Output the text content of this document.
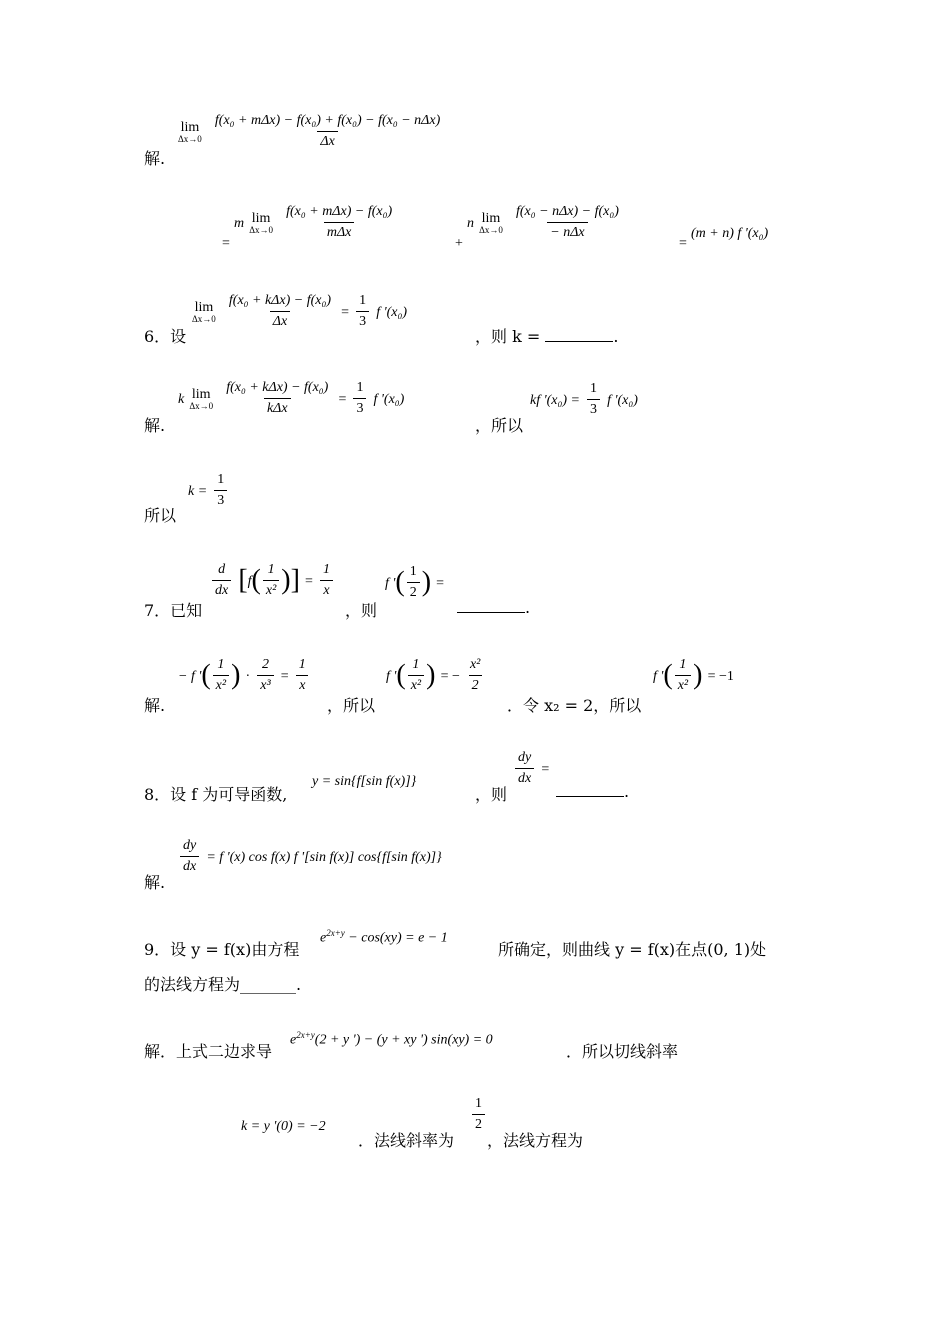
解.
lim
Δx→0
$\frac{\text{f(x₀ + mΔx) − f(x₀) + f(x₀) − f(x₀ − nΔx)}}{\Delta x}$
=
m lim
Δx→0
$\frac{\text{f(x₀ + mΔx) − f(x₀)}}{\text{mΔx}}$
+
n lim
Δx→0
$\frac{\text{f(x₀ − nΔx) − f(x₀)}}{\text{− nΔx}}$
=
(m + n) f '(x₀)
6．设
lim
Δx→0
$\frac{\text{f(x₀ + kΔx) − f(x₀)}}{\Delta x} = \frac{1}{3}$ f '(x₀)
，则 k =	.
解.
k lim
Δx→0
$\frac{\text{f(x₀ + kΔx) − f(x₀)}}{\text{kΔx}} = \frac{1}{3}$ f '(x₀)
，所以
kf '$(x_0) = \frac{1}{3}$ f '(x₀)
所以
$k = \frac{1}{3}$
7．已知
$\frac{d}{dx} [f( \frac{1}{\text{x²}}$ )] = $\frac{1}{x}$
，则
f '( $\frac{1}{2}$ ) =
.
解.
− f '( $\frac{1}{\text{x²}}$ ) · $\frac{2}{\text{x³}} = \frac{1}{x}$
，所以
f '( $\frac{1}{\text{x²}}$ ) = − $\frac{\text{x²}}{2}$
．令 x₂ = 2，所以
f '( $\frac{1}{\text{x²}}$ ) = −1
8．设 f 为可导函数,
y = sin{f[sin f(x)]}
，则
$\frac{dy}{dx}$ =
.
解.
$\frac{dy}{dx} = f$ '(x) cos f(x) f '[sin f(x)] cos{f[sin f(x)]}
9．设 y = f(x)由方程
$e^{2x+y} - \cos(xy) = e - 1$
所确定，则曲线 y = f(x)在点(0, 1)处
的法线方程为_______.
解．上式二边求导
$e^{2x+y}(2 + y$ ') − (y + xy ') sin(xy) = 0
．所以切线斜率
k = y '(0) = −2
．法线斜率为
$\frac{1}{2}$
，法线方程为
